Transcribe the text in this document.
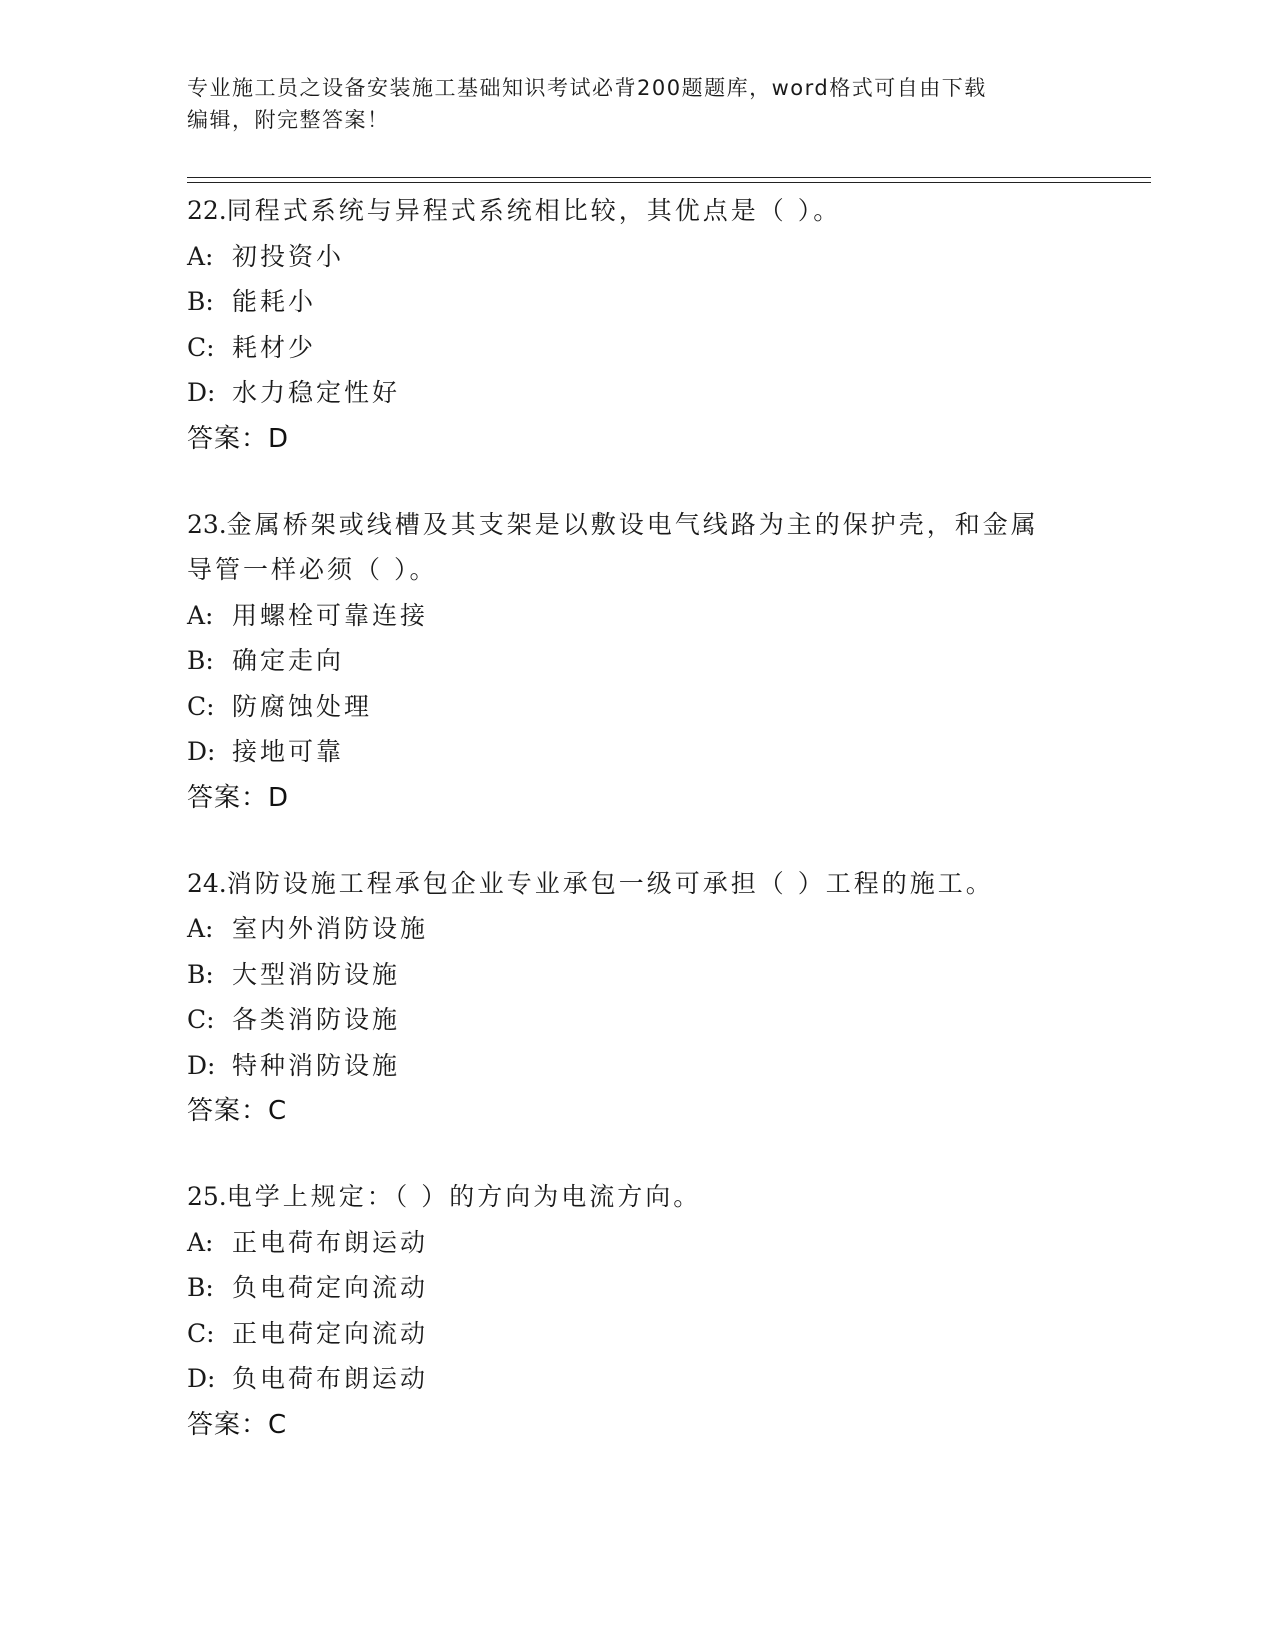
专业施工员之设备安装施工基础知识考试必背200题题库，word格式可自由下载
编辑，附完整答案！
22.同程式系统与异程式系统相比较，其优点是（ ）。
A: 初投资小
B: 能耗小
C: 耗材少
D: 水力稳定性好
答案：D
23.金属桥架或线槽及其支架是以敷设电气线路为主的保护壳，和金属
导管一样必须（ ）。
A: 用螺栓可靠连接
B: 确定走向
C: 防腐蚀处理
D: 接地可靠
答案：D
24.消防设施工程承包企业专业承包一级可承担（ ）工程的施工。
A: 室内外消防设施
B: 大型消防设施
C: 各类消防设施
D: 特种消防设施
答案：C
25.电学上规定：（ ）的方向为电流方向。
A: 正电荷布朗运动
B: 负电荷定向流动
C: 正电荷定向流动
D: 负电荷布朗运动
答案：C
